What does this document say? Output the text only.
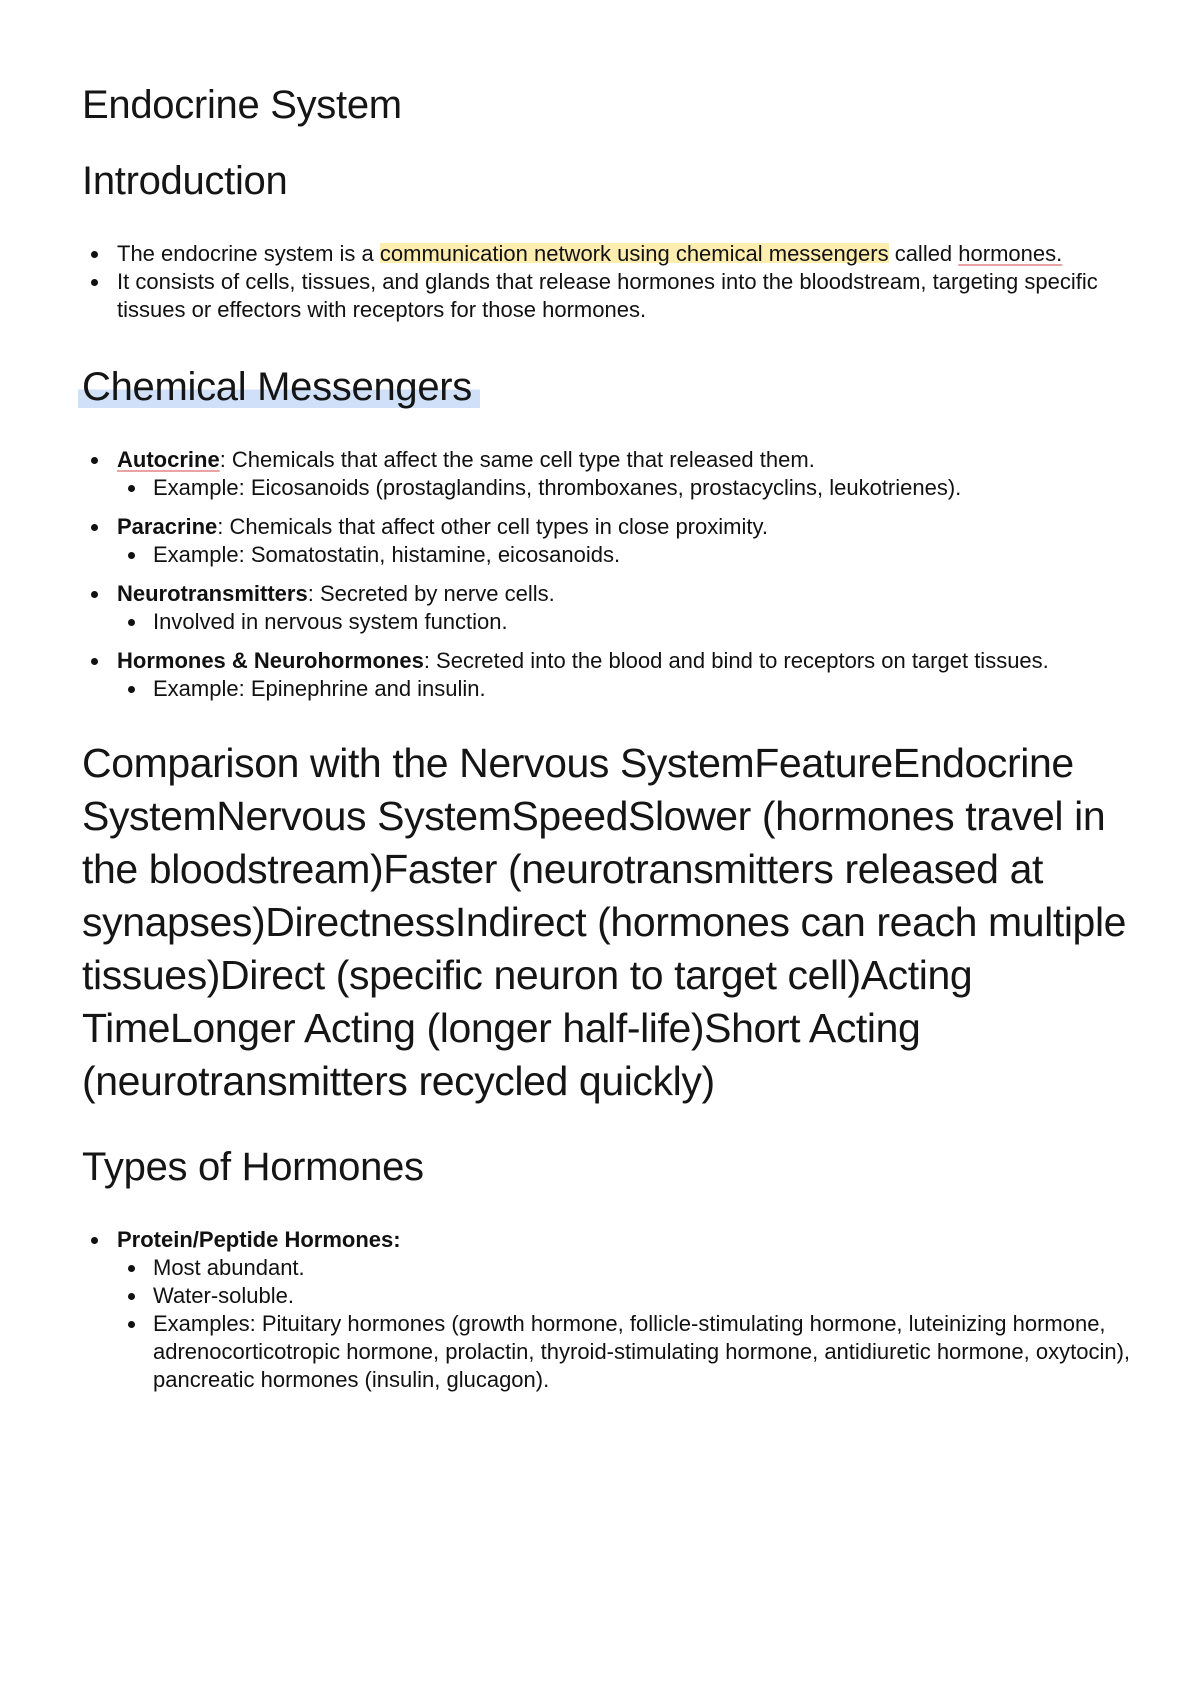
Endocrine System
Introduction
The endocrine system is a communication network using chemical messengers called hormones.
It consists of cells, tissues, and glands that release hormones into the bloodstream, targeting specific tissues or effectors with receptors for those hormones.
Chemical Messengers
Autocrine: Chemicals that affect the same cell type that released them.
Example: Eicosanoids (prostaglandins, thromboxanes, prostacyclins, leukotrienes).
Paracrine: Chemicals that affect other cell types in close proximity.
Example: Somatostatin, histamine, eicosanoids.
Neurotransmitters: Secreted by nerve cells.
Involved in nervous system function.
Hormones & Neurohormones: Secreted into the blood and bind to receptors on target tissues.
Example: Epinephrine and insulin.
Comparison with the Nervous SystemFeatureEndocrine SystemNervous SystemSpeedSlower (hormones travel in the bloodstream)Faster (neurotransmitters released at synapses)DirectnessIndirect (hormones can reach multiple tissues)Direct (specific neuron to target cell)Acting TimeLonger Acting (longer half-life)Short Acting (neurotransmitters recycled quickly)
Types of Hormones
Protein/Peptide Hormones:
Most abundant.
Water-soluble.
Examples: Pituitary hormones (growth hormone, follicle-stimulating hormone, luteinizing hormone, adrenocorticotropic hormone, prolactin, thyroid-stimulating hormone, antidiuretic hormone, oxytocin), pancreatic hormones (insulin, glucagon).
